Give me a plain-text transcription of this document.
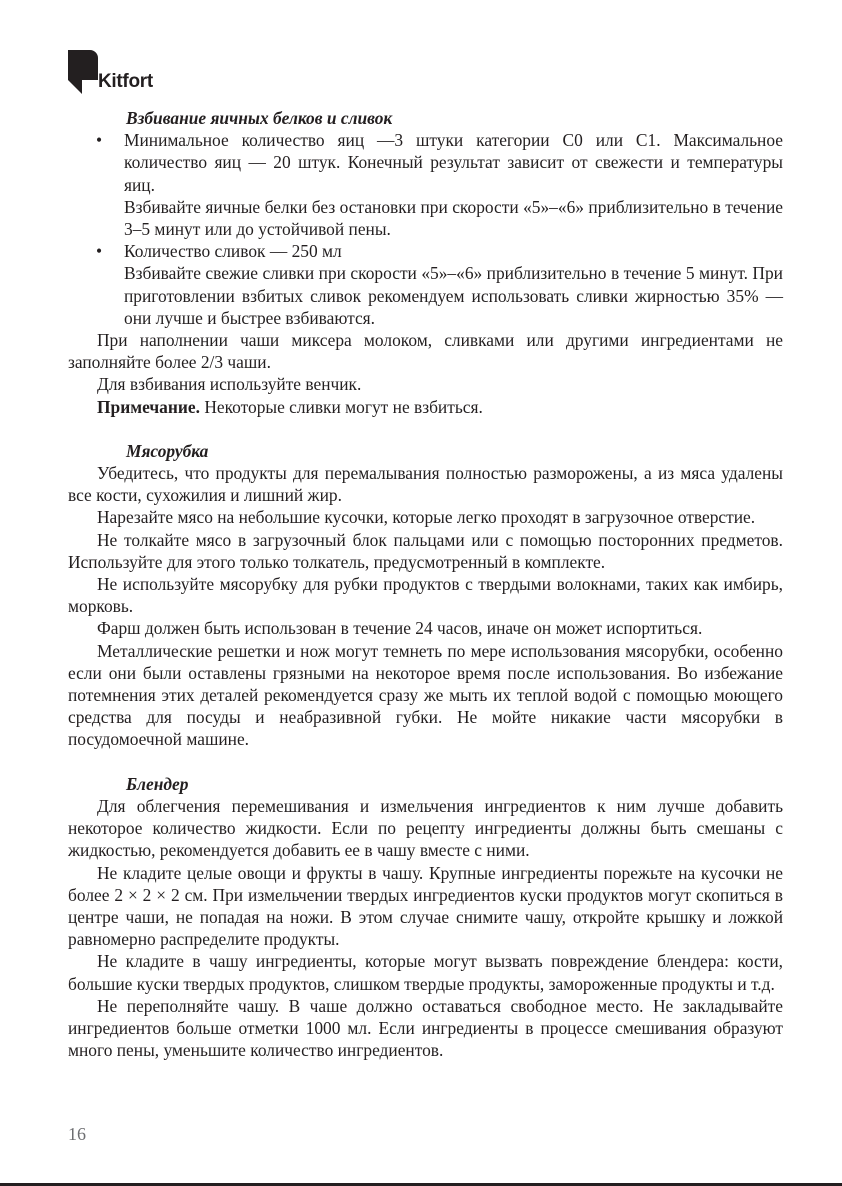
Kitfort

Взбивание яичных белков и сливок

• Минимальное количество яиц —3 штуки категории С0 или С1. Максимальное количество яиц — 20 штук. Конечный результат зависит от свежести и температуры яиц.
Взбивайте яичные белки без остановки при скорости «5»–«6» приблизительно в течение 3–5 минут или до устойчивой пены.
• Количество сливок — 250 мл
Взбивайте свежие сливки при скорости «5»–«6» приблизительно в течение 5 минут. При приготовлении взбитых сливок рекомендуем использовать сливки жирностью 35% — они лучше и быстрее взбиваются.

При наполнении чаши миксера молоком, сливками или другими ингредиентами не заполняйте более 2/3 чаши.

Для взбивания используйте венчик.

Примечание. Некоторые сливки могут не взбиться.

Мясорубка

Убедитесь, что продукты для перемалывания полностью разморожены, а из мяса удалены все кости, сухожилия и лишний жир.

Нарезайте мясо на небольшие кусочки, которые легко проходят в загрузочное отверстие.

Не толкайте мясо в загрузочный блок пальцами или с помощью посторонних предметов. Используйте для этого только толкатель, предусмотренный в комплекте.

Не используйте мясорубку для рубки продуктов с твердыми волокнами, таких как имбирь, морковь.

Фарш должен быть использован в течение 24 часов, иначе он может испортиться.

Металлические решетки и нож могут темнеть по мере использования мясорубки, особенно если они были оставлены грязными на некоторое время после использования. Во избежание потемнения этих деталей рекомендуется сразу же мыть их теплой водой с помощью моющего средства для посуды и неабразивной губки. Не мойте никакие части мясорубки в посудомоечной машине.

Блендер

Для облегчения перемешивания и измельчения ингредиентов к ним лучше добавить некоторое количество жидкости. Если по рецепту ингредиенты должны быть смешаны с жидкостью, рекомендуется добавить ее в чашу вместе с ними.

Не кладите целые овощи и фрукты в чашу. Крупные ингредиенты порежьте на кусочки не более 2 × 2 × 2 см. При измельчении твердых ингредиентов куски продуктов могут скопиться в центре чаши, не попадая на ножи. В этом случае снимите чашу, откройте крышку и ложкой равномерно распределите продукты.

Не кладите в чашу ингредиенты, которые могут вызвать повреждение блендера: кости, большие куски твердых продуктов, слишком твердые продукты, замороженные продукты и т.д.

Не переполняйте чашу. В чаше должно оставаться свободное место. Не закладывайте ингредиентов больше отметки 1000 мл. Если ингредиенты в процессе смешивания образуют много пены, уменьшите количество ингредиентов.

16
